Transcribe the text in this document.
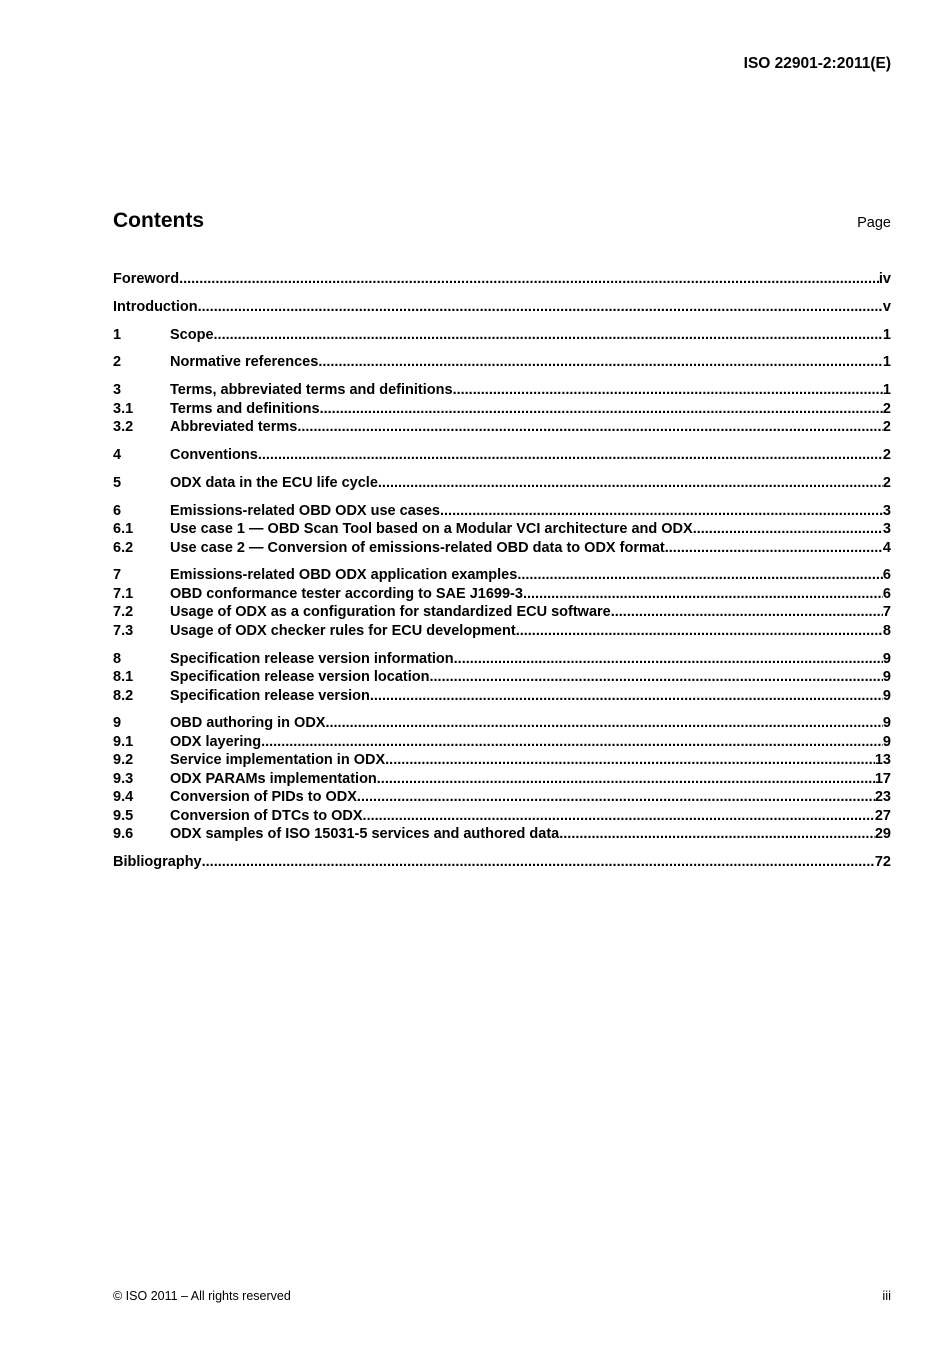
ISO 22901-2:2011(E)
Contents	Page
Foreword .....	iv
Introduction .....	v
1	Scope .....	1
2	Normative references .....	1
3	Terms, abbreviated terms and definitions .....	1
3.1	Terms and definitions .....	2
3.2	Abbreviated terms .....	2
4	Conventions .....	2
5	ODX data in the ECU life cycle .....	2
6	Emissions-related OBD ODX use cases .....	3
6.1	Use case 1 — OBD Scan Tool based on a Modular VCI architecture and ODX .....	3
6.2	Use case 2 — Conversion of emissions-related OBD data to ODX format .....	4
7	Emissions-related OBD ODX application examples .....	6
7.1	OBD conformance tester according to SAE J1699-3 .....	6
7.2	Usage of ODX as a configuration for standardized ECU software .....	7
7.3	Usage of ODX checker rules for ECU development .....	8
8	Specification release version information .....	9
8.1	Specification release version location .....	9
8.2	Specification release version .....	9
9	OBD authoring in ODX .....	9
9.1	ODX layering .....	9
9.2	Service implementation in ODX .....	13
9.3	ODX PARAMs implementation .....	17
9.4	Conversion of PIDs to ODX .....	23
9.5	Conversion of DTCs to ODX .....	27
9.6	ODX samples of ISO 15031-5 services and authored data .....	29
Bibliography .....	72
© ISO 2011 – All rights reserved	iii
